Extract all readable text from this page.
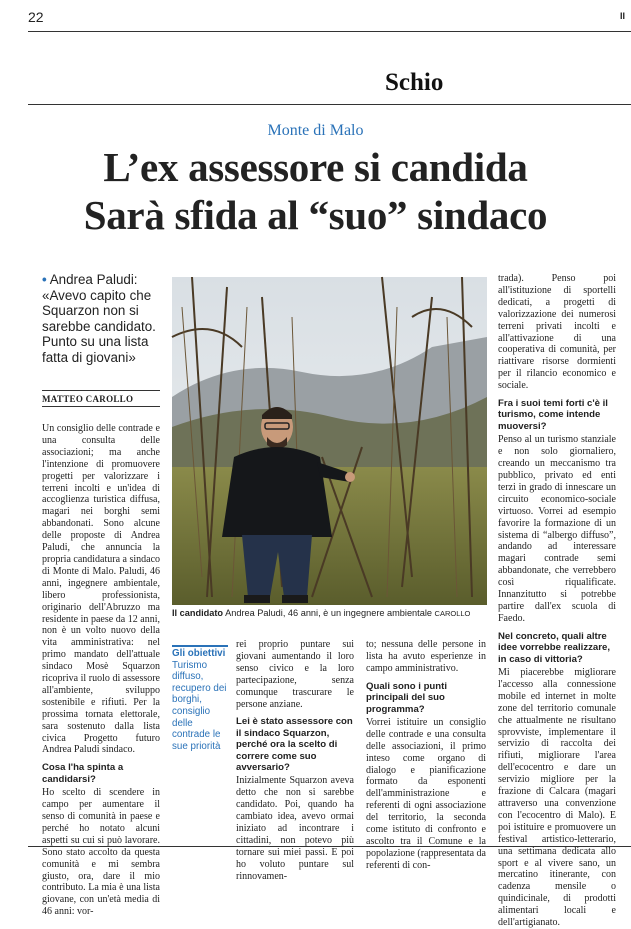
22	II
Schio
Monte di Malo
L’ex assessore si candida
Sarà sfida al “suo” sindaco
• Andrea Paludi: «Avevo capito che Squarzon non si sarebbe candidato. Punto su una lista fatta di giovani»
MATTEO CAROLLO

Un consiglio delle contrade e una consulta delle associazioni; ma anche l'intenzione di promuovere progetti per valorizzare i terreni incolti e un'idea di accoglienza turistica diffusa, magari nei borghi semi abbandonati. Sono alcune delle proposte di Andrea Paludi, che annuncia la propria candidatura a sindaco di Monte di Malo. Paludi, 46 anni, ingegnere ambientale, libero professionista, originario dell'Abruzzo ma residente in paese da 12 anni, non è un volto nuovo della vita amministrativa: nel primo mandato dell'attuale sindaco Mosè Squarzon ricopriva il ruolo di assessore all'ambiente, sviluppo sostenibile e rifiuti. Per la prossima tornata elettorale, sara sostenuto dalla lista civica Progetto futuro Andrea Paludi sindaco.

Cosa l'ha spinta a candidarsi?

Ho scelto di scendere in campo per aumentare il senso di comunità in paese e perché ho notato alcuni aspetti su cui si può lavorare. Sono stato accolto da questa comunità e mi sembra giusto, ora, dare il mio contributo. La mia è una lista giovane, con un'età media di 46 anni: vor-

Il candidato Andrea Paludi, 46 anni, è un ingegnere ambientale CAROLLO
Gli obiettivi
Turismo diffuso, recupero dei borghi, consiglio delle contrade le sue priorità

rei proprio puntare sui giovani aumentando il loro senso civico e la loro partecipazione, senza comunque trascurare le persone anziane.

Lei è stato assessore con il sindaco Squarzon, perché ora la scelto di correre come suo avversario?

Inizialmente Squarzon aveva detto che non si sarebbe candidato. Poi, quando ha cambiato idea, avevo ormai iniziato ad incontrare i cittadini, non potevo più tornare sui miei passi. E poi ho voluto puntare sul rinnovamen-

to; nessuna delle persone in lista ha avuto esperienze in campo amministrativo.

Quali sono i punti principali del suo programma?

Vorrei istituire un consiglio delle contrade e una consulta delle associazioni, il primo inteso come organo di dialogo e pianificazione formato da esponenti dell'amministrazione e referenti di ogni associazione del territorio, la seconda come istituto di confronto e ascolto tra il Comune e la popolazione (rappresentata da referenti di con-

trada). Penso poi all'istituzione di sportelli dedicati, a progetti di valorizzazione dei numerosi terreni privati incolti e all'attivazione di una cooperativa di comunità, per riattivare risorse dormienti per il rilancio economico e sociale.

Fra i suoi temi forti c'è il turismo, come intende muoversi?

Penso al un turismo stanziale e non solo giornaliero, creando un meccanismo tra pubblico, privato ed enti terzi in grado di innescare un circuito economico-sociale virtuoso. Vorrei ad esempio favorire la formazione di un sistema di “albergo diffuso”, andando ad interessare magari contrade semi abbandonate, che verrebbero così riqualificate. Innanzitutto si potrebbe partire dall'ex scuola di Faedo.

Nel concreto, quali altre idee vorrebbe realizzare, in caso di vittoria?

Mi piacerebbe migliorare l'accesso alla connessione mobile ed internet in molte zone del territorio comunale che attualmente ne risultano sprovviste, implementare il servizio di raccolta dei rifiuti, migliorare l'area dell'ecocentro e dare un servizio migliore per la frazione di Calcara (magari attraverso una convenzione con l'ecocentro di Malo). E poi istituire e promuovere un festival artistico-letterario, una settimana dedicata allo sport e al vivere sano, un mercatino itinerante, con cadenza mensile o quindicinale, di prodotti alimentari locali e dell'artigianato.
